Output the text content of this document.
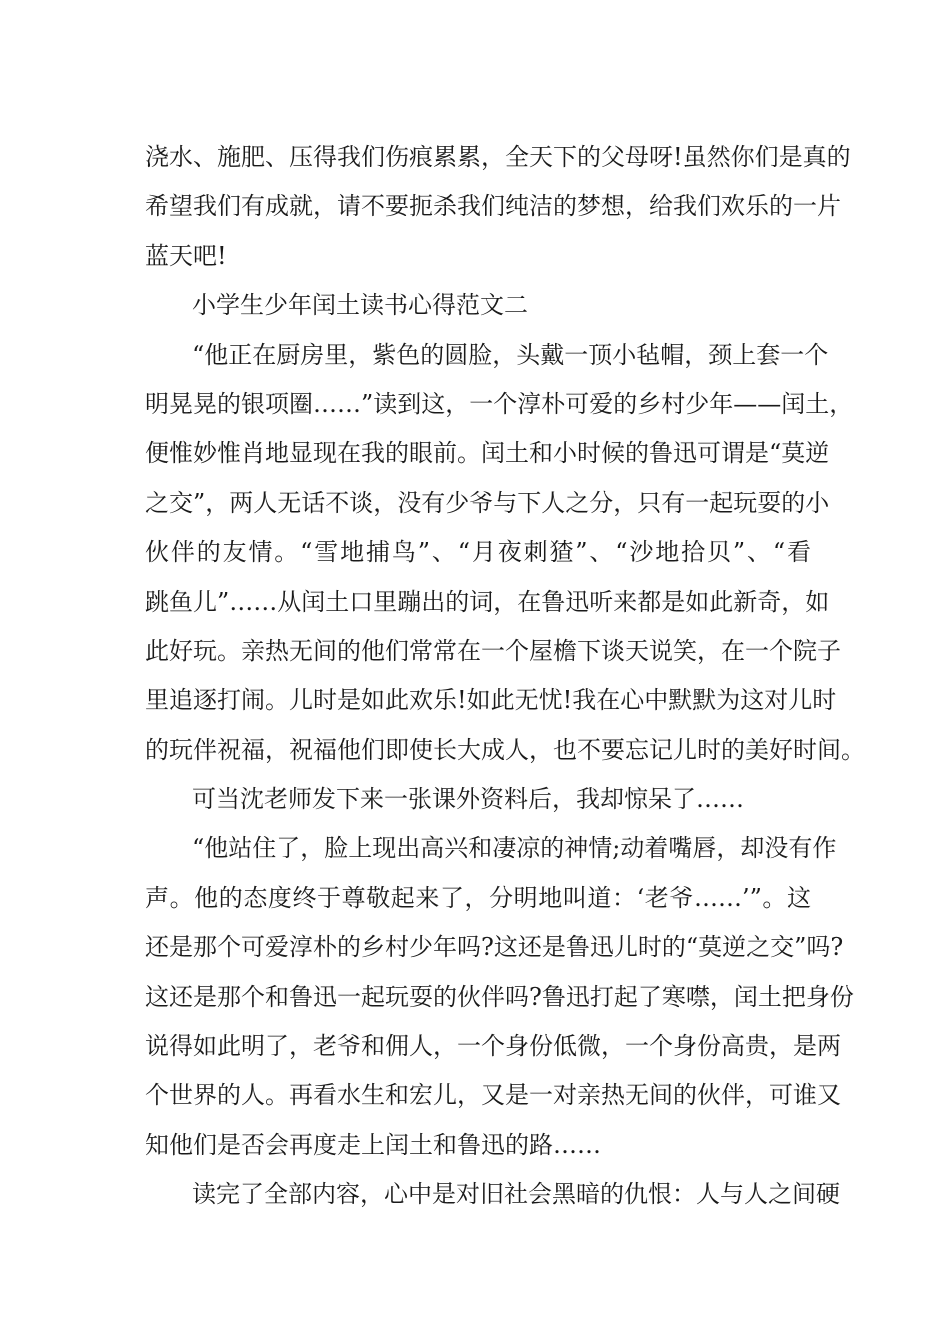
浇水、施肥、压得我们伤痕累累，全天下的父母呀!虽然你们是真的
希望我们有成就，请不要扼杀我们纯洁的梦想，给我们欢乐的一片
蓝天吧!
小学生少年闰土读书心得范文二
“他正在厨房里，紫色的圆脸，头戴一顶小毡帽，颈上套一个
明晃晃的银项圈……”读到这，一个淳朴可爱的乡村少年——闰土，
便惟妙惟肖地显现在我的眼前。闰土和小时候的鲁迅可谓是“莫逆
之交”，两人无话不谈，没有少爷与下人之分，只有一起玩耍的小
伙伴的友情。“雪地捕鸟”、“月夜刺猹”、“沙地拾贝”、“看
跳鱼儿”……从闰土口里蹦出的词，在鲁迅听来都是如此新奇，如
此好玩。亲热无间的他们常常在一个屋檐下谈天说笑，在一个院子
里追逐打闹。儿时是如此欢乐!如此无忧!我在心中默默为这对儿时
的玩伴祝福，祝福他们即使长大成人，也不要忘记儿时的美好时间。
可当沈老师发下来一张课外资料后，我却惊呆了……
“他站住了，脸上现出高兴和凄凉的神情;动着嘴唇，却没有作
声。他的态度终于尊敬起来了，分明地叫道：‘老爷……’”。这
还是那个可爱淳朴的乡村少年吗?这还是鲁迅儿时的“莫逆之交”吗?
这还是那个和鲁迅一起玩耍的伙伴吗?鲁迅打起了寒噤，闰土把身份
说得如此明了，老爷和佣人，一个身份低微，一个身份高贵，是两
个世界的人。再看水生和宏儿，又是一对亲热无间的伙伴，可谁又
知他们是否会再度走上闰土和鲁迅的路……
读完了全部内容，心中是对旧社会黑暗的仇恨：人与人之间硬
